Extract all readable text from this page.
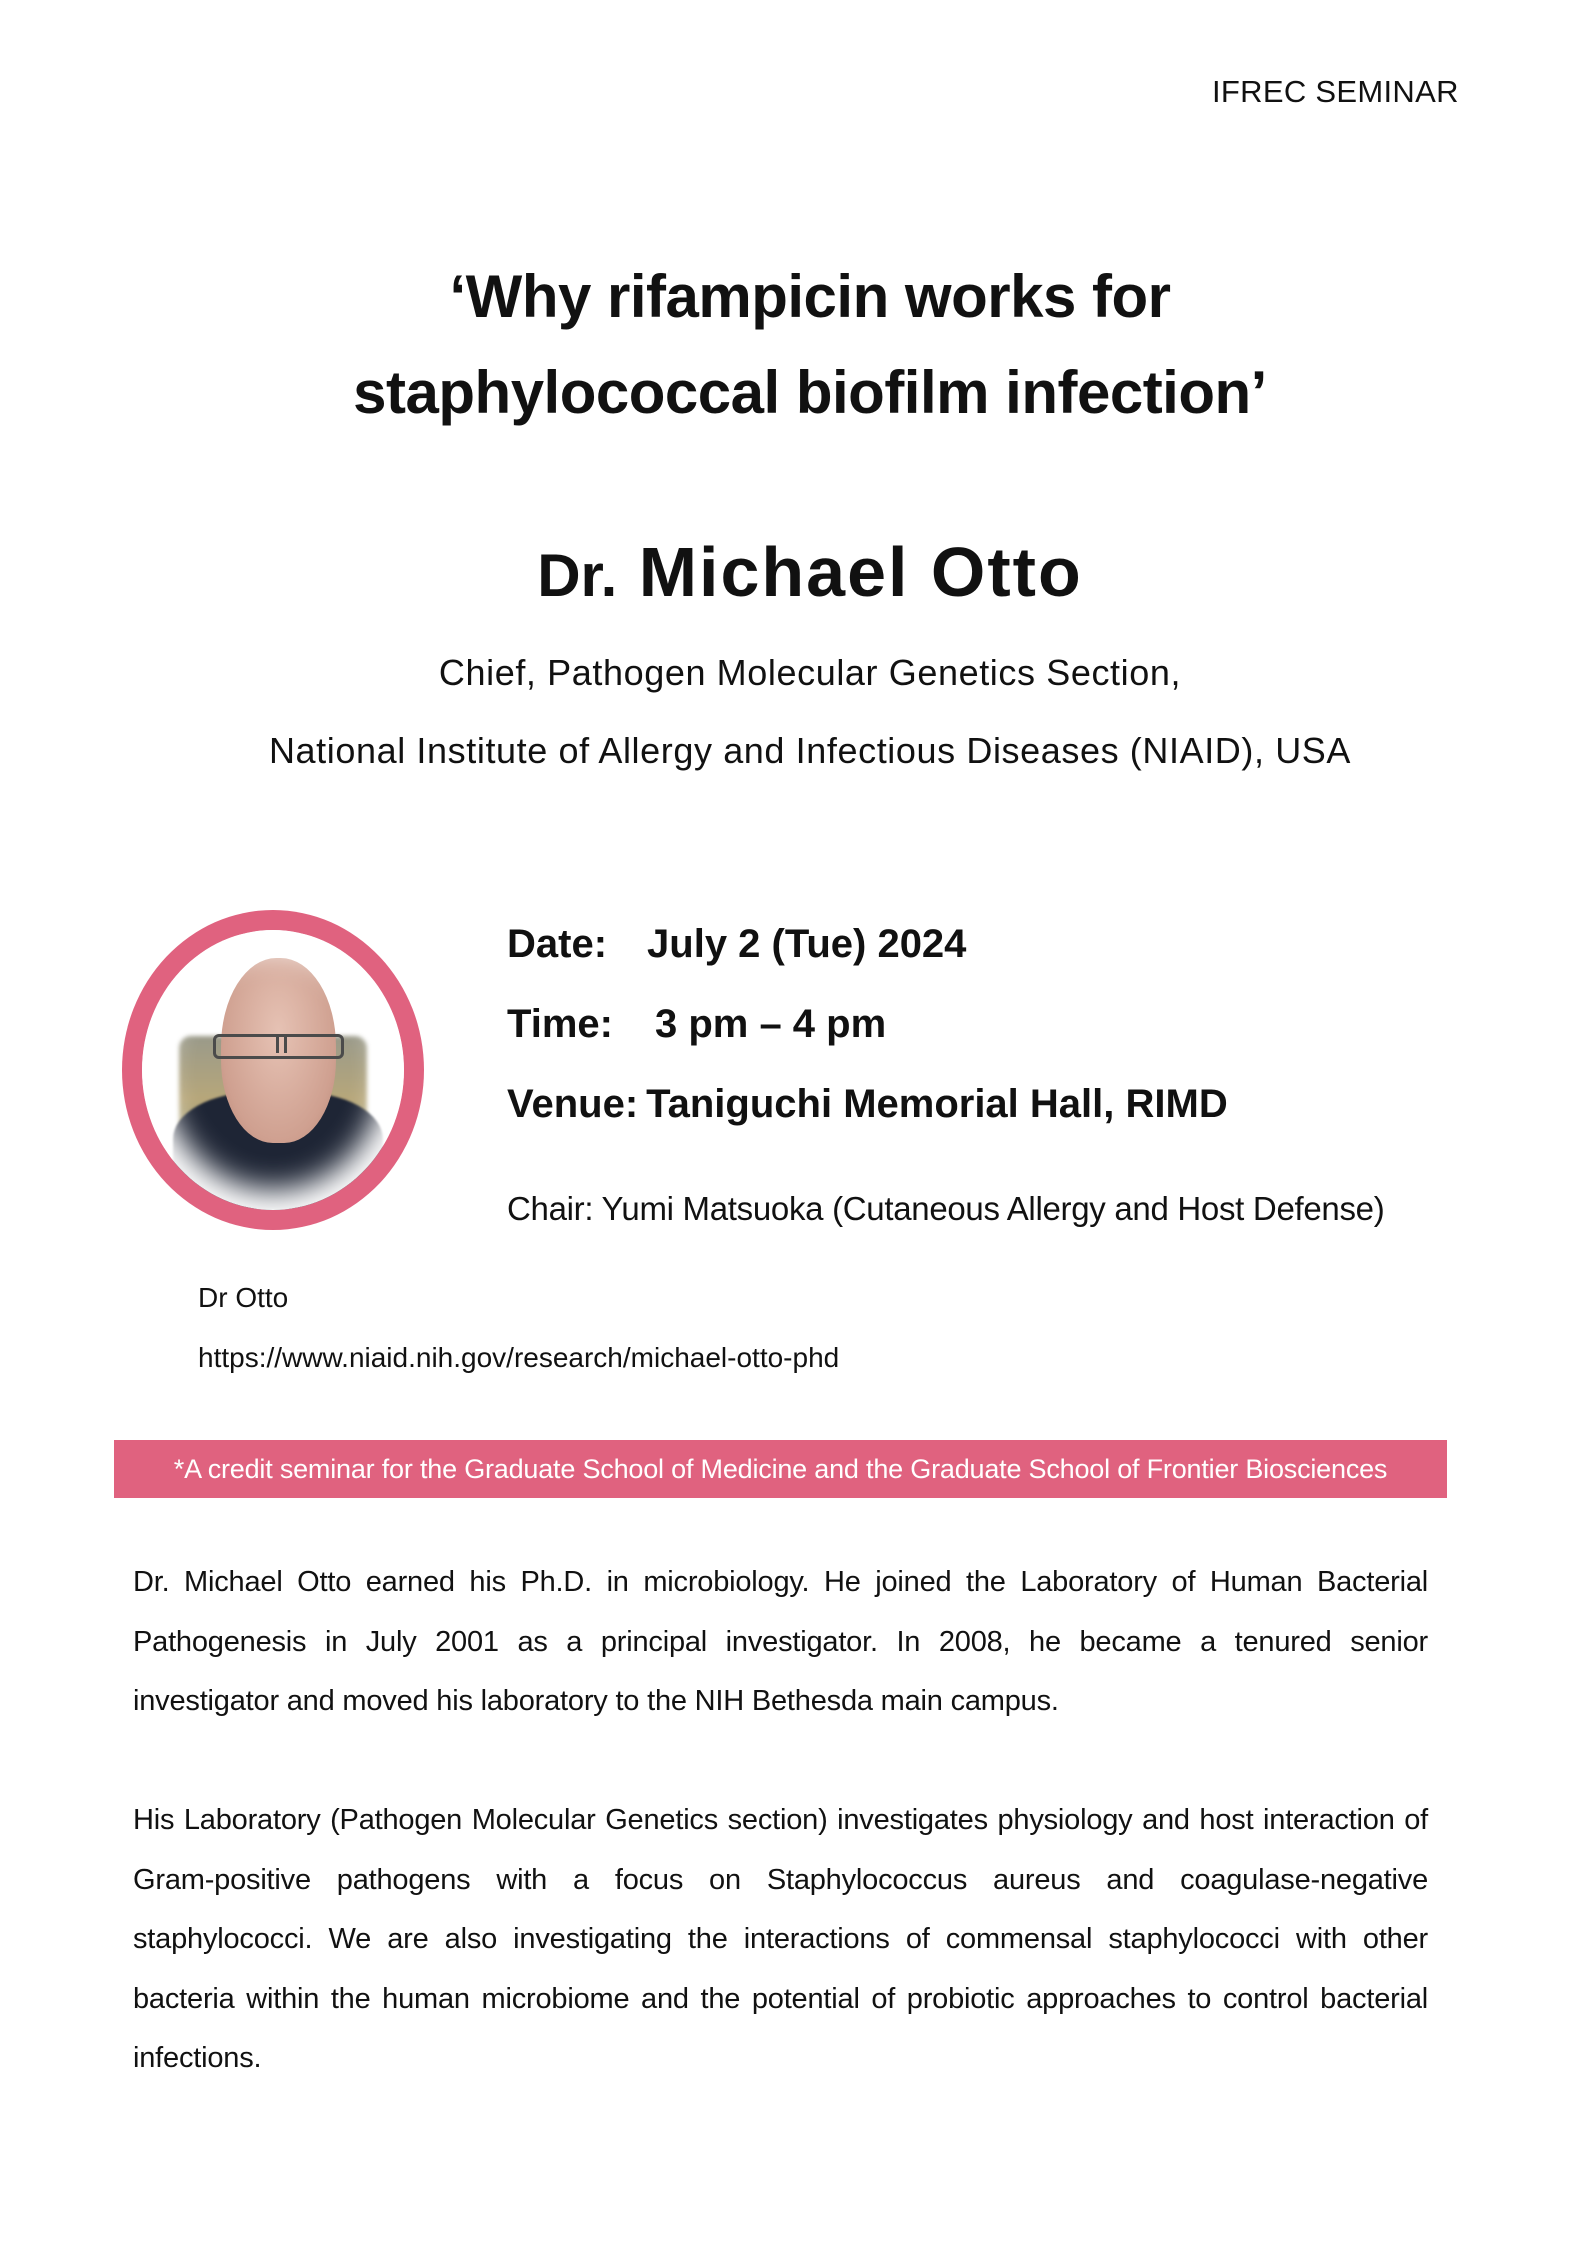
IFREC SEMINAR
‘Why rifampicin works for
staphylococcal biofilm infection’
Dr. Michael Otto
Chief, Pathogen Molecular Genetics Section,
National Institute of Allergy and Infectious Diseases (NIAID), USA
Date: July 2 (Tue) 2024
Time: 3 pm – 4 pm
Venue: Taniguchi Memorial Hall, RIMD
Chair: Yumi Matsuoka (Cutaneous Allergy and Host Defense)
Dr Otto
https://www.niaid.nih.gov/research/michael-otto-phd
*A credit seminar for the Graduate School of Medicine and the Graduate School of Frontier Biosciences
Dr. Michael Otto earned his Ph.D. in microbiology. He joined the Laboratory of Human Bacterial Pathogenesis in July 2001 as a principal investigator. In 2008, he became a tenured senior investigator and moved his laboratory to the NIH Bethesda main campus.
His Laboratory (Pathogen Molecular Genetics section) investigates physiology and host interaction of Gram-positive pathogens with a focus on Staphylococcus aureus and coagulase-negative staphylococci. We are also investigating the interactions of commensal staphylococci with other bacteria within the human microbiome and the potential of probiotic approaches to control bacterial infections.
